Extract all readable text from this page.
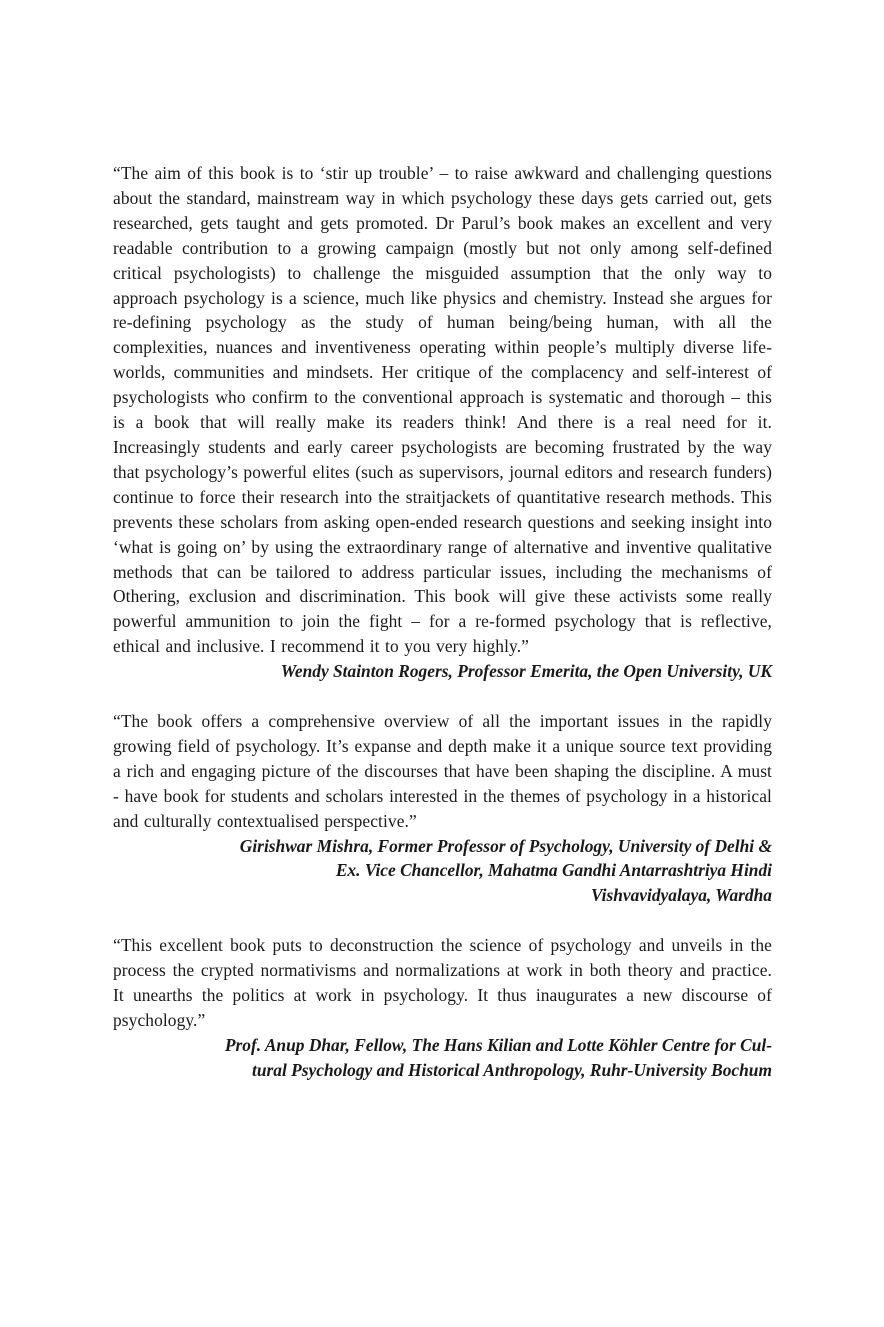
“The aim of this book is to ‘stir up trouble’ – to raise awkward and challenging questions about the standard, mainstream way in which psychology these days gets carried out, gets researched, gets taught and gets promoted. Dr Parul’s book makes an excellent and very readable contribution to a growing campaign (mostly but not only among self-defined critical psychologists) to challenge the misguided assumption that the only way to approach psychology is a science, much like physics and chemistry. Instead she argues for re-defining psychology as the study of human being/being human, with all the complexities, nuances and inventiveness operating within people’s multiply diverse life-worlds, communities and mindsets. Her critique of the complacency and self-interest of psychologists who confirm to the conventional approach is systematic and thorough – this is a book that will really make its readers think! And there is a real need for it. Increasingly students and early career psychologists are becoming frustrated by the way that psychology’s powerful elites (such as supervisors, journal editors and research funders) continue to force their research into the straitjackets of quantitative research methods. This prevents these scholars from asking open-ended research questions and seeking insight into ‘what is going on’ by using the extraordinary range of alternative and inventive qualitative methods that can be tailored to address particular issues, including the mechanisms of Othering, exclusion and discrimination. This book will give these activists some really powerful ammunition to join the fight – for a re-formed psychology that is reflective, ethical and inclusive. I recommend it to you very highly.”

Wendy Stainton Rogers, Professor Emerita, the Open University, UK

“The book offers a comprehensive overview of all the important issues in the rapidly growing field of psychology. It’s expanse and depth make it a unique source text providing a rich and engaging picture of the discourses that have been shaping the discipline. A must - have book for students and scholars interested in the themes of psychology in a historical and culturally contextualised perspective.”

Girishwar Mishra, Former Professor of Psychology, University of Delhi &
Ex. Vice Chancellor, Mahatma Gandhi Antarrashtriya Hindi
Vishvavidyalaya, Wardha

“This excellent book puts to deconstruction the science of psychology and unveils in the process the crypted normativisms and normalizations at work in both theory and practice. It unearths the politics at work in psychology. It thus inaugurates a new discourse of psychology.”

Prof. Anup Dhar, Fellow, The Hans Kilian and Lotte Köhler Centre for Cul-
tural Psychology and Historical Anthropology, Ruhr-University Bochum
